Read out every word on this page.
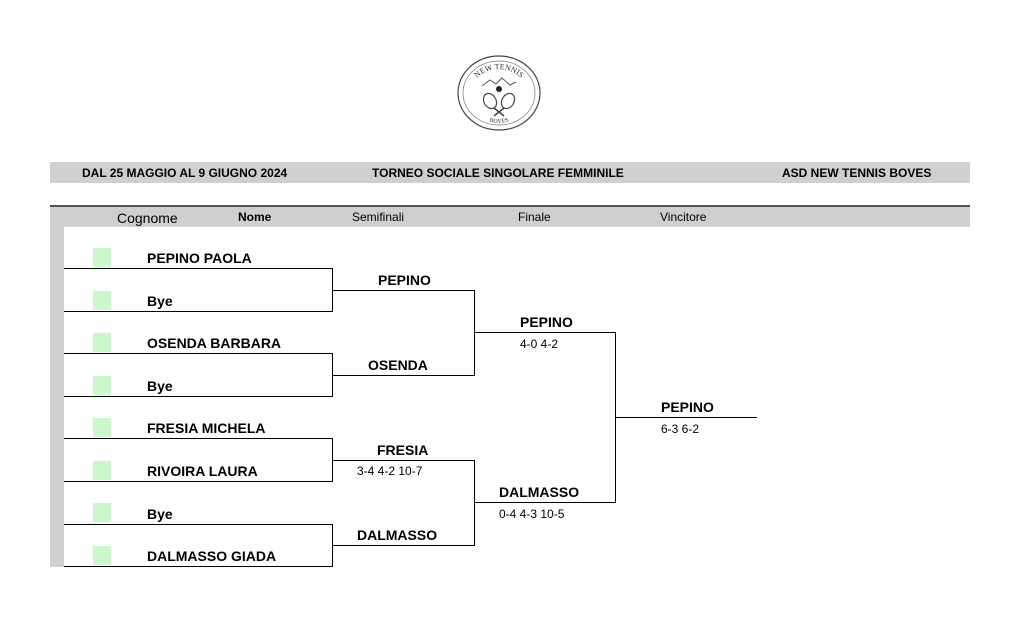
NEW TENNIS
BOVES
DAL 25 MAGGIO AL 9 GIUGNO 2024	TORNEO SOCIALE SINGOLARE FEMMINILE	ASD NEW TENNIS BOVES
Cognome	Nome	Semifinali	Finale	Vincitore
PEPINO PAOLA
Bye
OSENDA BARBARA
Bye
FRESIA MICHELA
RIVOIRA LAURA
Bye
DALMASSO GIADA
PEPINO
OSENDA
FRESIA
3-4 4-2 10-7
DALMASSO
PEPINO
4-0 4-2
DALMASSO
0-4 4-3 10-5
PEPINO
6-3 6-2
